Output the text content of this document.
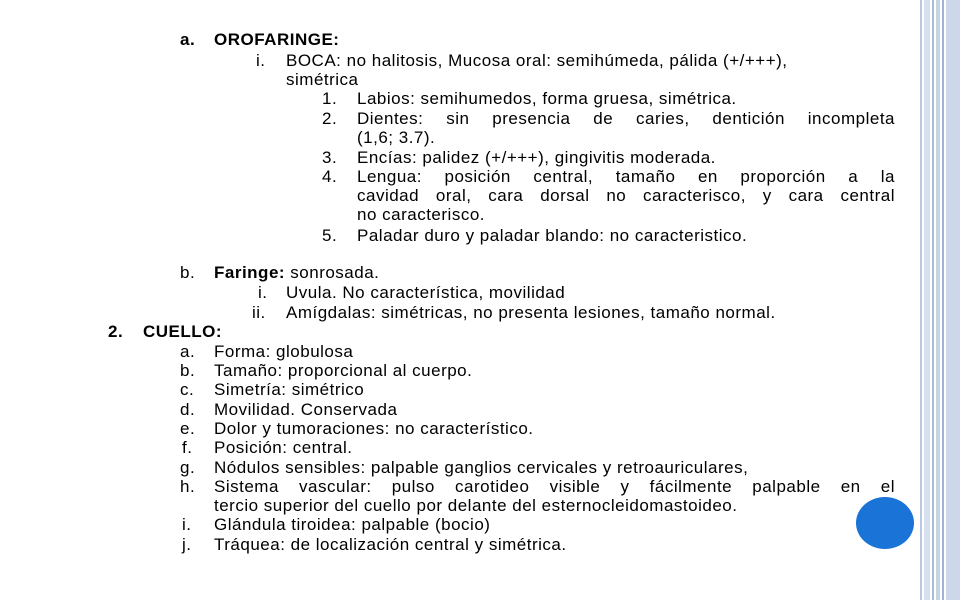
a. OROFARINGE:
i. BOCA: no halitosis, Mucosa oral: semihúmeda, pálida (+/+++),
simétrica
1. Labios: semihumedos, forma gruesa, simétrica.
2. Dientes: sin presencia de caries, dentición incompleta
(1,6; 3.7).
3. Encías: palidez (+/+++), gingivitis moderada.
4. Lengua: posición central, tamaño en proporción a la
cavidad oral, cara dorsal no caracterisco, y cara central
no caracterisco.
5. Paladar duro y paladar blando: no caracteristico.
b. Faringe: sonrosada.
i. Uvula. No característica, movilidad
ii. Amígdalas: simétricas, no presenta lesiones, tamaño normal.
2. CUELLO:
a. Forma: globulosa
b. Tamaño: proporcional al cuerpo.
c. Simetría: simétrico
d. Movilidad. Conservada
e. Dolor y tumoraciones: no característico.
f. Posición: central.
g. Nódulos sensibles: palpable ganglios cervicales y retroauriculares,
h. Sistema vascular: pulso carotideo visible y fácilmente palpable en el
tercio superior del cuello por delante del esternocleidomastoideo.
i. Glándula tiroidea: palpable (bocio)
j. Tráquea: de localización central y simétrica.
